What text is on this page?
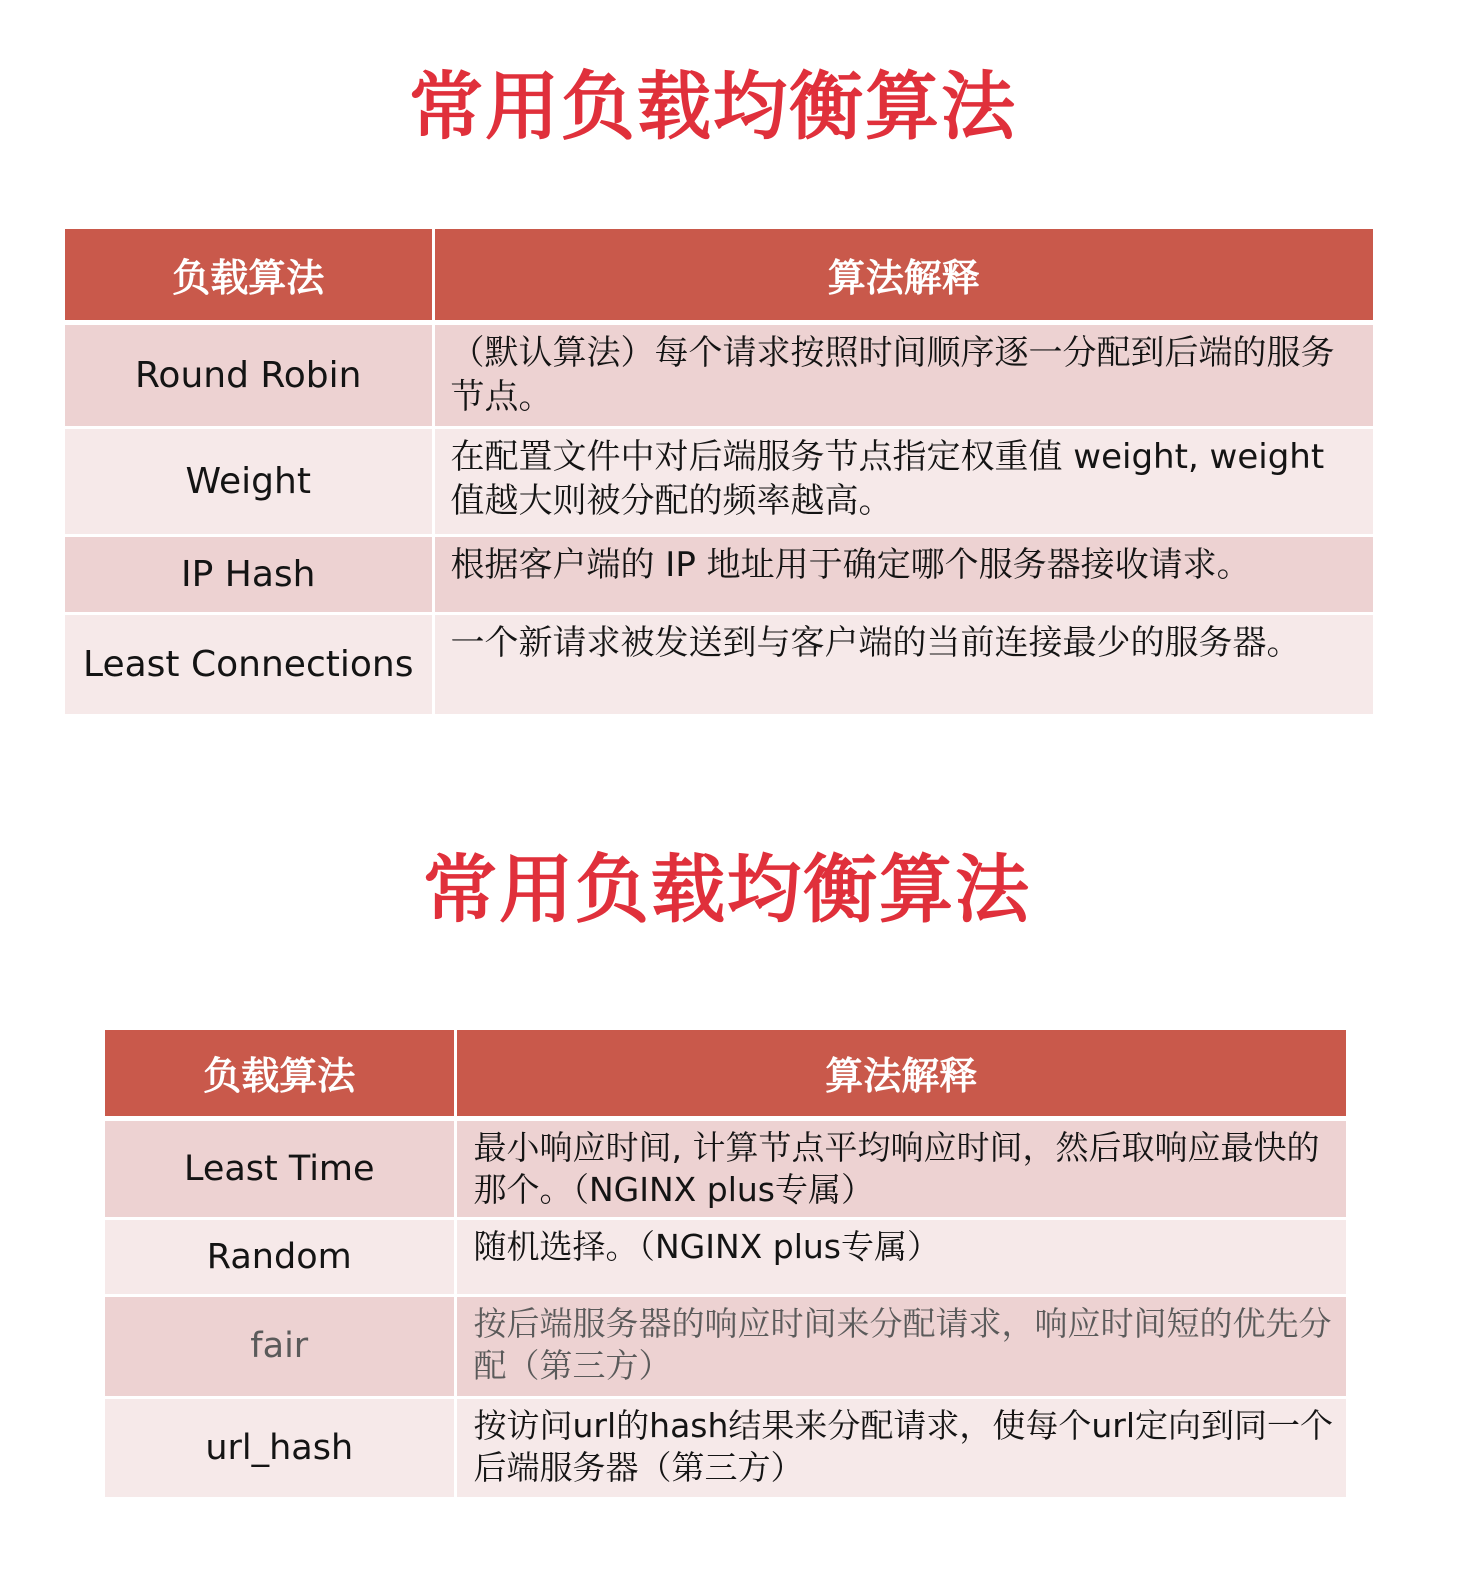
常用负载均衡算法
负载算法	算法解释
Round Robin	（默认算法）每个请求按照时间顺序逐一分配到后端的服务节点。
Weight	在配置文件中对后端服务节点指定权重值 weight, weight 值越大则被分配的频率越高。
IP Hash	根据客户端的 IP 地址用于确定哪个服务器接收请求。
Least Connections	一个新请求被发送到与客户端的当前连接最少的服务器。
常用负载均衡算法
负载算法	算法解释
Least Time	最小响应时间, 计算节点平均响应时间，然后取响应最快的那个。（NGINX plus专属）
Random	随机选择。（NGINX plus专属）
fair	按后端服务器的响应时间来分配请求，响应时间短的优先分配（第三方）
url_hash	按访问url的hash结果来分配请求，使每个url定向到同一个后端服务器（第三方）
